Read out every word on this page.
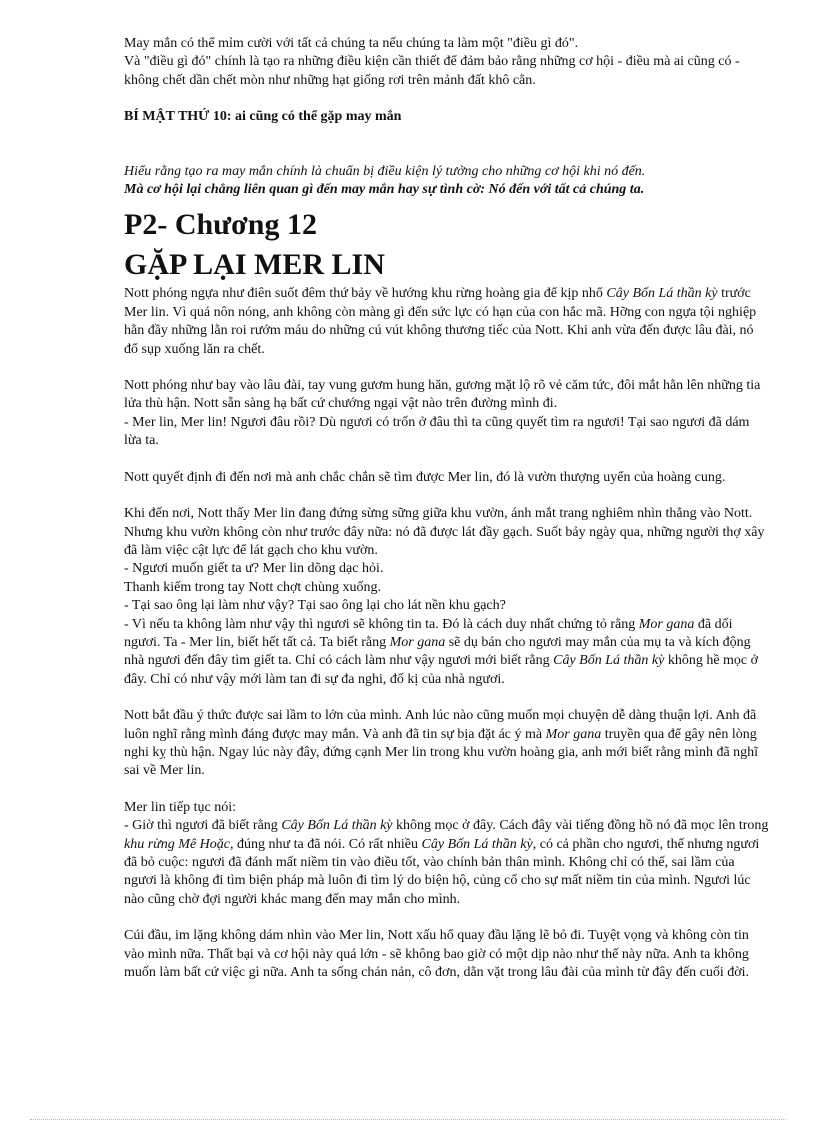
May mắn có thể mỉm cười với tất cả chúng ta nếu chúng ta làm một "điều gì đó".

Và "điều gì đó" chính là tạo ra những điều kiện cần thiết để đảm bảo rằng những cơ hội - điều mà ai cũng có - không chết dần chết mòn như những hạt giống rơi trên mảnh đất khô cằn.

BÍ MẬT THỨ 10: ai cũng có thể gặp may mắn

Hiểu rằng tạo ra may mắn chính là chuẩn bị điều kiện lý tưởng cho những cơ hội khi nó đến.

Mà cơ hội lại chẳng liên quan gì đến may mắn hay sự tình cờ: Nó đến với tất cả chúng ta.

P2- Chương 12
GẶP LẠI MER LIN

Nott phóng ngựa như điên suốt đêm thứ bảy về hướng khu rừng hoàng gia để kịp nhổ Cây Bốn Lá thần kỳ trước Mer lin. Vì quá nôn nóng, anh không còn màng gì đến sức lực có hạn của con hắc mã. Hỡng con ngựa tội nghiệp hằn đầy những lằn roi rướm máu do những cú vút không thương tiếc của Nott. Khi anh vừa đến được lâu đài, nó đổ sụp xuống lăn ra chết.

Nott phóng như bay vào lâu đài, tay vung gươm hung hăn, gương mặt lộ rõ vẻ căm tức, đôi mắt hằn lên những tia lửa thù hận. Nott sẵn sàng hạ bất cứ chướng ngại vật nào trên đường mình đi.

- Mer lin, Mer lin! Ngươi đâu rồi? Dù ngươi có trốn ở đâu thì ta cũng quyết tìm ra ngươi! Tại sao ngươi đã dám lừa ta.

Nott quyết định đi đến nơi mà anh chắc chắn sẽ tìm được Mer lin, đó là vườn thượng uyển của hoàng cung.

Khi đến nơi, Nott thấy Mer lin đang đứng sừng sững giữa khu vườn, ánh mắt trang nghiêm nhìn thẳng vào Nott. Nhưng khu vườn không còn như trước đây nữa: nó đã được lát đầy gạch. Suốt bảy ngày qua, những người thợ xây đã làm việc cật lực để lát gạch cho khu vườn.

- Ngươi muốn giết ta ư? Mer lin dõng dạc hỏi.

Thanh kiếm trong tay Nott chợt chùng xuống.

- Tại sao ông lại làm như vậy? Tại sao ông lại cho lát nền khu gạch?

- Vì nếu ta không làm như vậy thì ngươi sẽ không tin ta. Đó là cách duy nhất chứng tỏ rằng Mor gana đã dối ngươi. Ta - Mer lin, biết hết tất cả. Ta biết rằng Mor gana sẽ dụ bán cho ngươi may mắn của mụ ta và kích động nhà ngươi đến đây tìm giết ta. Chỉ có cách làm như vậy ngươi mới biết rằng Cây Bốn Lá thần kỳ không hề mọc ở đây. Chỉ có như vậy mới làm tan đi sự đa nghi, đố kị của nhà ngươi.

Nott bắt đầu ý thức được sai lầm to lớn của mình. Anh lúc nào cũng muốn mọi chuyện dễ dàng thuận lợi. Anh đã luôn nghĩ rằng mình đáng được may mắn. Và anh đã tin sự bịa đặt ác ý mà Mor gana truyền qua để gây nên lòng nghi kỵ thù hận. Ngay lúc này đây, đứng cạnh Mer lin trong khu vườn hoàng gia, anh mới biết rằng mình đã nghĩ sai về Mer lin.

Mer lin tiếp tục nói:

- Giờ thì ngươi đã biết rằng Cây Bốn Lá thần kỳ không mọc ở đây. Cách đây vài tiếng đồng hồ nó đã mọc lên trong khu rừng Mê Hoặc, đúng như ta đã nói. Có rất nhiều Cây Bốn Lá thần kỳ, có cả phần cho ngươi, thế nhưng ngươi đã bỏ cuộc: ngươi đã đánh mất niềm tin vào điều tốt, vào chính bản thân mình. Không chỉ có thế, sai lầm của ngươi là không đi tìm biện pháp mà luôn đi tìm lý do biện hộ, củng cố cho sự mất niềm tin của mình. Ngươi lúc nào cũng chờ đợi người khác mang đến may mắn cho mình.

Cúi đầu, im lặng không dám nhìn vào Mer lin, Nott xấu hổ quay đầu lặng lẽ bỏ đi. Tuyệt vọng và không còn tin vào mình nữa. Thất bại và cơ hội này quá lớn - sẽ không bao giờ có một dịp nào như thế này nữa. Anh ta không muốn làm bất cứ việc gì nữa. Anh ta sống chán nản, cô đơn, dằn vặt trong lâu đài của mình từ đây đến cuối đời.
